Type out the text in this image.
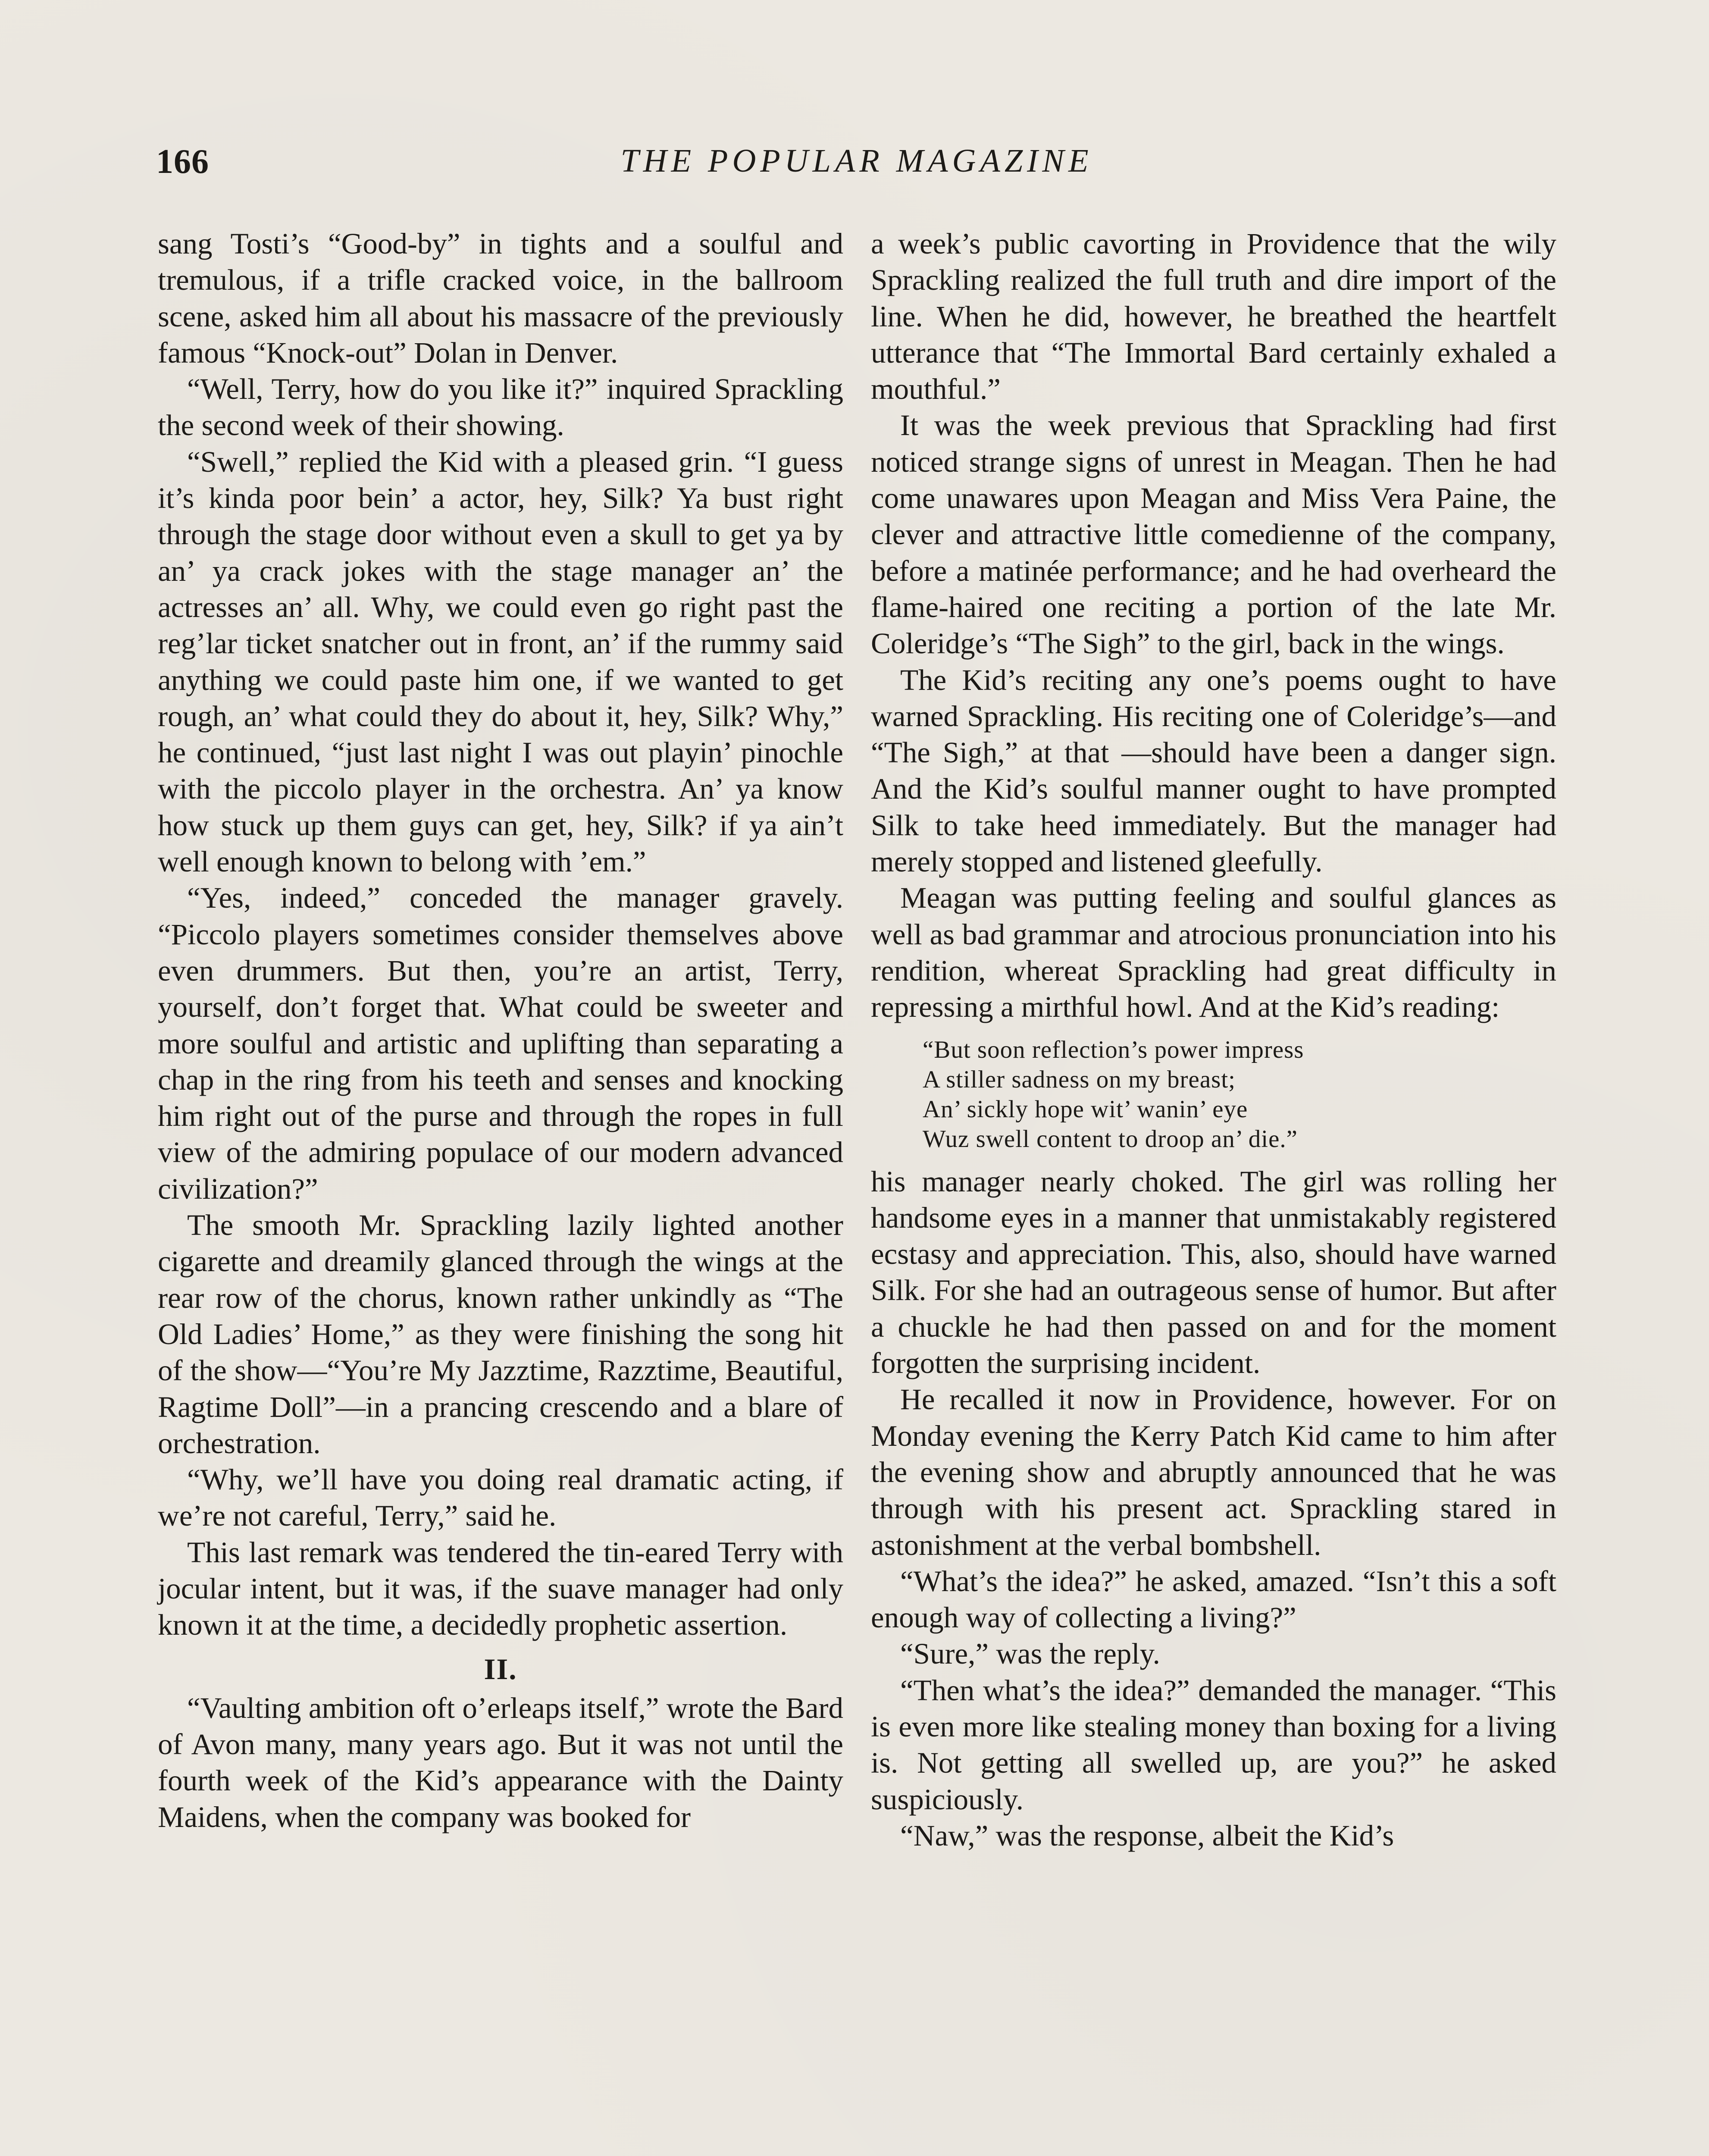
166	THE POPULAR MAGAZINE

sang Tosti’s “Good-by” in tights and a soulful and tremulous, if a trifle cracked voice, in the ballroom scene, asked him all about his massacre of the previously famous “Knock-out” Dolan in Denver.

“Well, Terry, how do you like it?” inquired Sprackling the second week of their showing.

“Swell,” replied the Kid with a pleased grin. “I guess it’s kinda poor bein’ a actor, hey, Silk? Ya bust right through the stage door without even a skull to get ya by an’ ya crack jokes with the stage manager an’ the actresses an’ all. Why, we could even go right past the reg’lar ticket snatcher out in front, an’ if the rummy said anything we could paste him one, if we wanted to get rough, an’ what could they do about it, hey, Silk? Why,” he continued, “just last night I was out playin’ pinochle with the piccolo player in the orchestra. An’ ya know how stuck up them guys can get, hey, Silk? if ya ain’t well enough known to belong with ’em.”

“Yes, indeed,” conceded the manager gravely. “Piccolo players sometimes consider themselves above even drummers. But then, you’re an artist, Terry, yourself, don’t forget that. What could be sweeter and more soulful and artistic and uplifting than separating a chap in the ring from his teeth and senses and knocking him right out of the purse and through the ropes in full view of the admiring populace of our modern advanced civilization?”

The smooth Mr. Sprackling lazily lighted another cigarette and dreamily glanced through the wings at the rear row of the chorus, known rather unkindly as “The Old Ladies’ Home,” as they were finishing the song hit of the show—“You’re My Jazztime, Razztime, Beautiful, Ragtime Doll”—in a prancing crescendo and a blare of orchestration.

“Why, we’ll have you doing real dramatic acting, if we’re not careful, Terry,” said he.

This last remark was tendered the tin-eared Terry with jocular intent, but it was, if the suave manager had only known it at the time, a decidedly prophetic assertion.

II.

“Vaulting ambition oft o’erleaps itself,” wrote the Bard of Avon many, many years ago. But it was not until the fourth week of the Kid’s appearance with the Dainty Maidens, when the company was booked for

a week’s public cavorting in Providence that the wily Sprackling realized the full truth and dire import of the line. When he did, however, he breathed the heartfelt utterance that “The Immortal Bard certainly exhaled a mouthful.”

It was the week previous that Sprackling had first noticed strange signs of unrest in Meagan. Then he had come unawares upon Meagan and Miss Vera Paine, the clever and attractive little comedienne of the company, before a matinée performance; and he had overheard the flame-haired one reciting a portion of the late Mr. Coleridge’s “The Sigh” to the girl, back in the wings.

The Kid’s reciting any one’s poems ought to have warned Sprackling. His reciting one of Coleridge’s—and “The Sigh,” at that —should have been a danger sign. And the Kid’s soulful manner ought to have prompted Silk to take heed immediately. But the manager had merely stopped and listened gleefully.

Meagan was putting feeling and soulful glances as well as bad grammar and atrocious pronunciation into his rendition, whereat Sprackling had great difficulty in repressing a mirthful howl. And at the Kid’s reading:

“But soon reflection’s power impress
A stiller sadness on my breast;
An’ sickly hope wit’ wanin’ eye
Wuz swell content to droop an’ die.”

his manager nearly choked. The girl was rolling her handsome eyes in a manner that unmistakably registered ecstasy and appreciation. This, also, should have warned Silk. For she had an outrageous sense of humor. But after a chuckle he had then passed on and for the moment forgotten the surprising incident.

He recalled it now in Providence, however. For on Monday evening the Kerry Patch Kid came to him after the evening show and abruptly announced that he was through with his present act. Sprackling stared in astonishment at the verbal bombshell.

“What’s the idea?” he asked, amazed. “Isn’t this a soft enough way of collecting a living?”

“Sure,” was the reply.

“Then what’s the idea?” demanded the manager. “This is even more like stealing money than boxing for a living is. Not getting all swelled up, are you?” he asked suspiciously.

“Naw,” was the response, albeit the Kid’s
